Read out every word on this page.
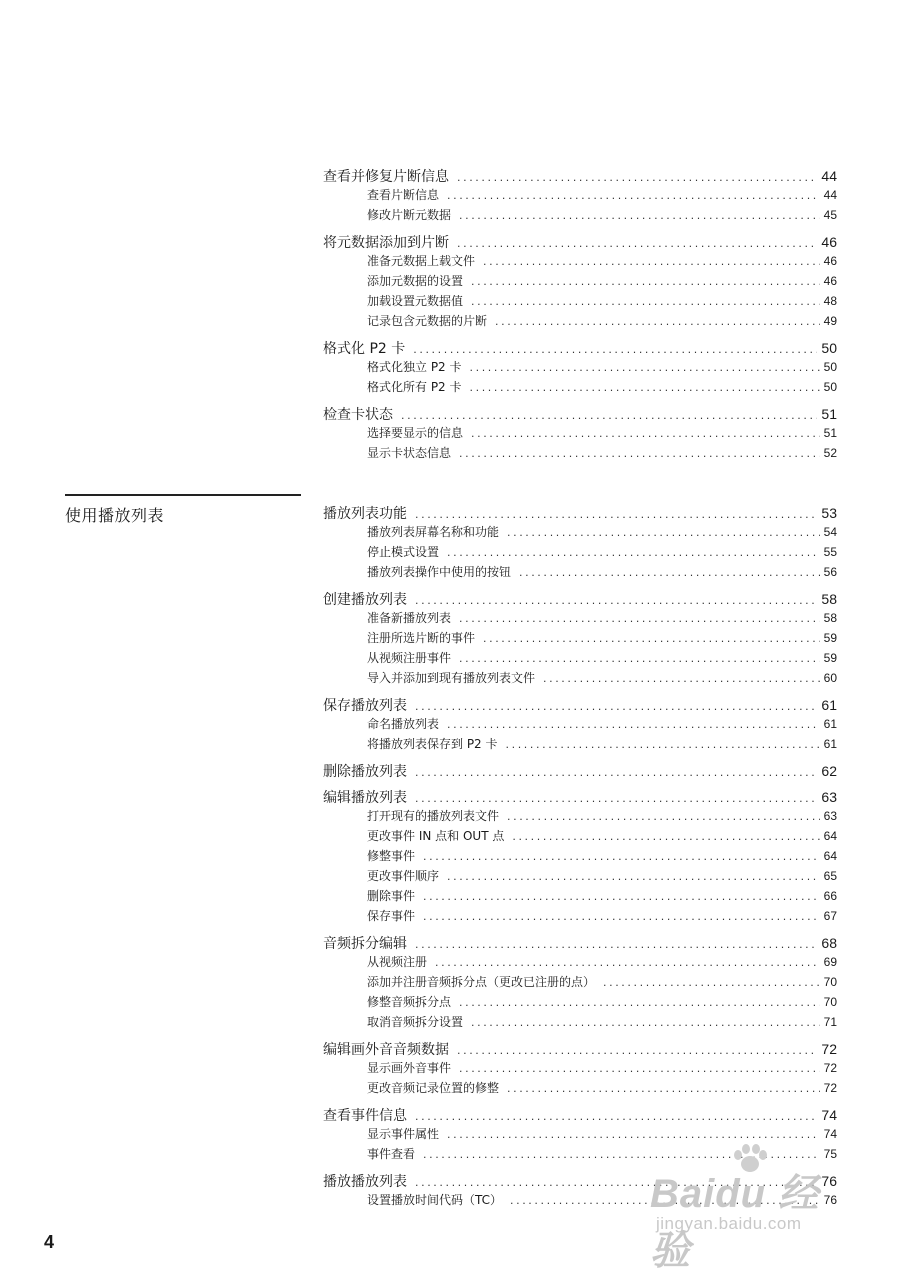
查看并修复片断信息 .....	44
查看片断信息 .....	44
修改片断元数据 .....	45
将元数据添加到片断 .....	46
准备元数据上载文件 .....	46
添加元数据的设置 .....	46
加载设置元数据值 .....	48
记录包含元数据的片断 .....	49
格式化 P2 卡 .....	50
格式化独立 P2 卡 .....	50
格式化所有 P2 卡 .....	50
检查卡状态 .....	51
选择要显示的信息 .....	51
显示卡状态信息 .....	52
使用播放列表	播放列表功能 .....	53
播放列表屏幕名称和功能 .....	54
停止模式设置 .....	55
播放列表操作中使用的按钮 .....	56
创建播放列表 .....	58
准备新播放列表 .....	58
注册所选片断的事件 .....	59
从视频注册事件 .....	59
导入并添加到现有播放列表文件 .....	60
保存播放列表 .....	61
命名播放列表 .....	61
将播放列表保存到 P2 卡 .....	61
删除播放列表 .....	62
编辑播放列表 .....	63
打开现有的播放列表文件 .....	63
更改事件 IN 点和 OUT 点 .....	64
修整事件 .....	64
更改事件顺序 .....	65
删除事件 .....	66
保存事件 .....	67
音频拆分编辑 .....	68
从视频注册 .....	69
添加并注册音频拆分点（更改已注册的点） .....	70
修整音频拆分点 .....	70
取消音频拆分设置 .....	71
编辑画外音音频数据 .....	72
显示画外音事件 .....	72
更改音频记录位置的修整 .....	72
查看事件信息 .....	74
显示事件属性 .....	74
事件查看 .....	75
播放播放列表 .....	76
设置播放时间代码（TC） .....	76
4
Baidu 经验
jingyan.baidu.com
